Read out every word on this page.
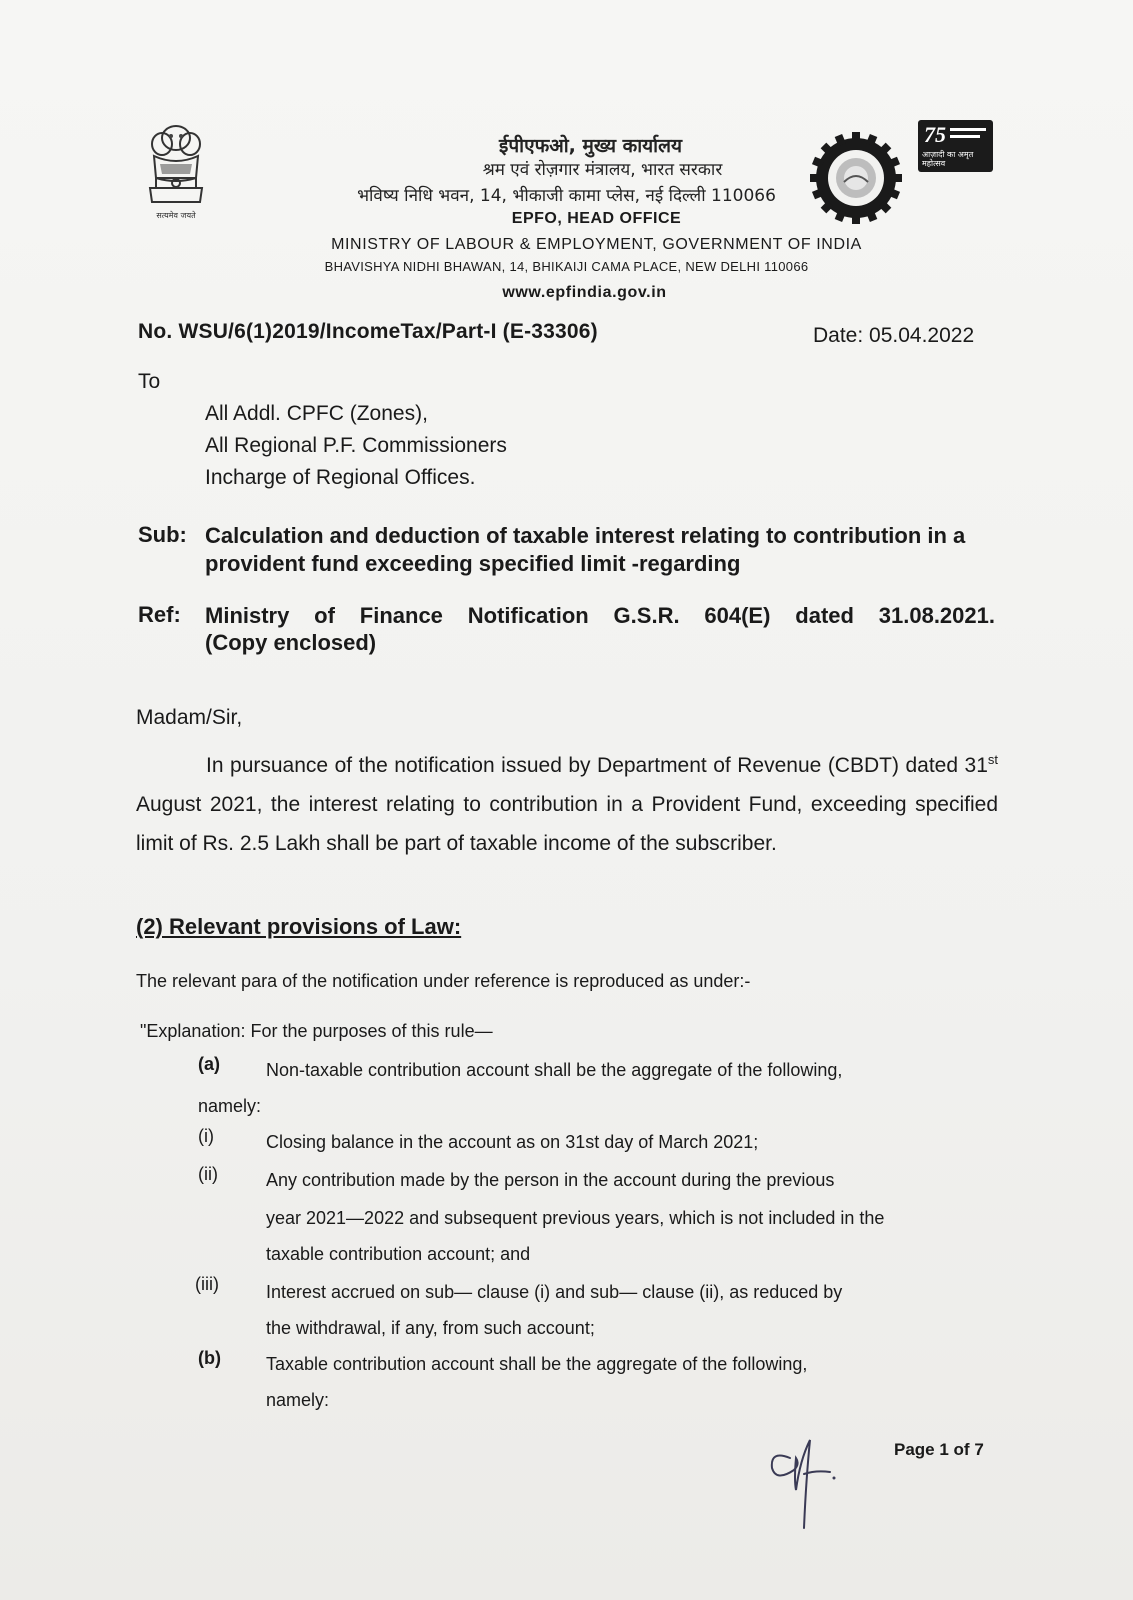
सत्यमेव जयते
ईपीएफओ, मुख्य कार्यालय
श्रम एवं रोज़गार मंत्रालय, भारत सरकार
भविष्य निधि भवन, 14, भीकाजी कामा प्लेस, नई दिल्ली 110066
EPFO, HEAD OFFICE
MINISTRY OF LABOUR & EMPLOYMENT, GOVERNMENT OF INDIA
BHAVISHYA NIDHI BHAWAN, 14, BHIKAIJI CAMA PLACE, NEW DELHI 110066
www.epfindia.gov.in
75
आज़ादी का अमृत महोत्सव
No. WSU/6(1)2019/IncomeTax/Part-I (E-33306)	Date: 05.04.2022
To
All Addl. CPFC (Zones),
All Regional P.F. Commissioners
Incharge of Regional Offices.
Sub: Calculation and deduction of taxable interest relating to contribution in a provident fund exceeding specified limit -regarding
Ref: Ministry of Finance Notification G.S.R. 604(E) dated 31.08.2021.
(Copy enclosed)
Madam/Sir,
In pursuance of the notification issued by Department of Revenue (CBDT) dated 31st August 2021, the interest relating to contribution in a Provident Fund, exceeding specified limit of Rs. 2.5 Lakh shall be part of taxable income of the subscriber.
(2) Relevant provisions of Law:
The relevant para of the notification under reference is reproduced as under:-
"Explanation: For the purposes of this rule—
(a)	Non-taxable contribution account shall be the aggregate of the following,
namely:
(i)	Closing balance in the account as on 31st day of March 2021;
(ii)	Any contribution made by the person in the account during the previous
year 2021—2022 and subsequent previous years, which is not included in the
taxable contribution account; and
(iii)	Interest accrued on sub— clause (i) and sub— clause (ii), as reduced by
the withdrawal, if any, from such account;
(b)	Taxable contribution account shall be the aggregate of the following,
namely:
Page 1 of 7
